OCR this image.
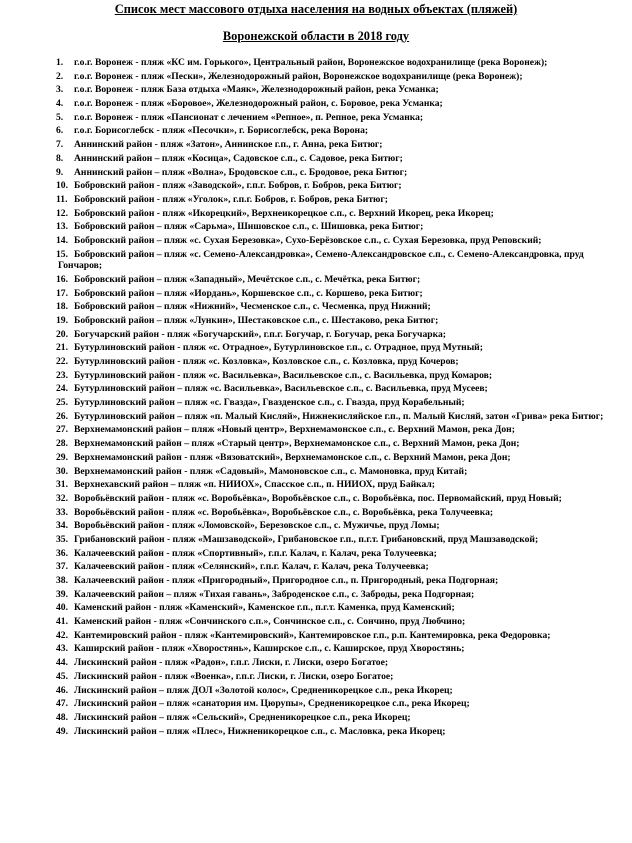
Список мест массового отдыха населения на водных объектах (пляжей)
Воронежской области в 2018 году
1.	г.о.г. Воронеж - пляж «КС им. Горького», Центральный район, Воронежское водохранилище (река Воронеж);
2.	г.о.г. Воронеж - пляж «Пески», Железнодорожный район, Воронежское водохранилище (река Воронеж);
3.	г.о.г. Воронеж - пляж База отдыха «Маяк», Железнодорожный район, река Усманка;
4.	г.о.г. Воронеж - пляж «Боровое», Железнодорожный район, с. Боровое, река Усманка;
5.	г.о.г. Воронеж - пляж «Пансионат с лечением «Репное», п. Репное, река Усманка;
6.	г.о.г. Борисоглебск - пляж «Песочки», г. Борисоглебск, река Ворона;
7.	Аннинский район - пляж «Затон», Аннинское г.п., г. Анна, река Битюг;
8.	Аннинский район – пляж «Косица», Садовское с.п., с. Садовое, река Битюг;
9.	Аннинский район – пляж «Волна», Бродовское с.п., с. Бродовое, река Битюг;
10. Бобровский район - пляж «Заводской», г.п.г. Бобров, г. Бобров, река Битюг;
11. Бобровский район - пляж «Уголок», г.п.г. Бобров, г. Бобров, река Битюг;
12. Бобровский район - пляж «Икорецкий», Верхнеикорецкое с.п., с. Верхний Икорец, река Икорец;
13. Бобровский район – пляж «Сарьма», Шишовское с.п., с. Шишовка, река Битюг;
14. Бобровский район – пляж «с. Сухая Березовка», Сухо-Берёзовское с.п., с. Сухая Березовка, пруд Реповский;
15. Бобровский район – пляж «с. Семено-Александровка», Семено-Александровское с.п., с. Семено-Александровка, пруд Гончаров;
16. Бобровский район – пляж «Западный», Мечётское с.п., с. Мечётка, река Битюг;
17. Бобровский район – пляж «Иордань», Коршевское с.п., с. Коршево, река Битюг;
18. Бобровский район – пляж «Нижний», Чесменское с.п., с. Чесменка, пруд Нижний;
19. Бобровский район – пляж «Лункин», Шестаковское с.п., с. Шестаково, река Битюг;
20. Богучарский район - пляж «Богучарский», г.п.г. Богучар, г. Богучар, река Богучарка;
21. Бутурлиновский район - пляж «с. Отрадное», Бутурлиновское г.п., с. Отрадное, пруд Мутный;
22. Бутурлиновский район - пляж «с. Козловка», Козловское с.п., с. Козловка, пруд Кочеров;
23. Бутурлиновский район - пляж «с. Васильевка», Васильевское с.п., с. Васильевка, пруд Комаров;
24. Бутурлиновский район – пляж «с. Васильевка», Васильевское с.п., с. Васильевка, пруд Мусеев;
25. Бутурлиновский район – пляж «с. Гвазда», Гвазденское с.п., с. Гвазда, пруд Корабельный;
26. Бутурлиновский район – пляж «п. Малый Кисляй», Нижнекисляйское г.п., п. Малый Кисляй, затон «Грива» река Битюг;
27. Верхнемамонский район – пляж «Новый центр», Верхнемамонское с.п., с. Верхний Мамон, река Дон;
28. Верхнемамонский район – пляж «Старый центр», Верхнемамонское с.п., с. Верхний Мамон, река Дон;
29. Верхнемамонский район - пляж «Вязоватский», Верхнемамонское с.п., с. Верхний Мамон, река Дон;
30. Верхнемамонский район - пляж «Садовый», Мамоновское с.п., с. Мамоновка, пруд Китай;
31. Верхнехавский район – пляж «п. НИИОХ», Спасское с.п., п. НИИОХ, пруд Байкал;
32. Воробьёвский район - пляж «с. Воробьёвка», Воробьёвское с.п., с. Воробьёвка, пос. Первомайский, пруд Новый;
33. Воробьёвский район - пляж «с. Воробьёвка», Воробьёвское с.п., с. Воробьёвка, река Толучеевка;
34. Воробьёвский район - пляж «Ломовской», Березовское с.п., с. Мужичье, пруд Ломы;
35. Грибановский район - пляж «Машзаводской», Грибановское г.п., п.г.т. Грибановский, пруд Машзаводской;
36. Калачеевский район - пляж «Спортивный», г.п.г. Калач, г. Калач, река Толучеевка;
37. Калачеевский район - пляж «Селянский», г.п.г. Калач, г. Калач, река Толучеевка;
38. Калачеевский район - пляж «Пригородный», Пригородное с.п., п. Пригородный, река Подгорная;
39. Калачеевский район – пляж «Тихая гавань», Заброденское с.п., с. Заброды, река Подгорная;
40. Каменский район - пляж «Каменский», Каменское г.п., п.г.т. Каменка, пруд Каменский;
41. Каменский район - пляж «Сончинского с.п.», Сончинское с.п., с. Сончино, пруд Любчино;
42. Кантемировский район - пляж «Кантемировский», Кантемировское г.п., р.п. Кантемировка, река Федоровка;
43. Каширский район - пляж «Хворостянь», Каширское с.п., с. Каширское, пруд Хворостянь;
44. Лискинский район - пляж «Радон», г.п.г. Лиски, г. Лиски, озеро Богатое;
45. Лискинский район - пляж «Военка», г.п.г. Лиски, г. Лиски, озеро Богатое;
46. Лискинский район – пляж ДОЛ «Золотой колос», Средненикорецкое с.п., река Икорец;
47. Лискинский район – пляж «санатория им. Цюрупы», Средненикорецкое с.п., река Икорец;
48. Лискинский район – пляж «Сельский», Средненикорецкое с.п., река Икорец;
49. Лискинский район – пляж «Плес», Нижненикорецкое с.п., с. Масловка, река Икорец;
